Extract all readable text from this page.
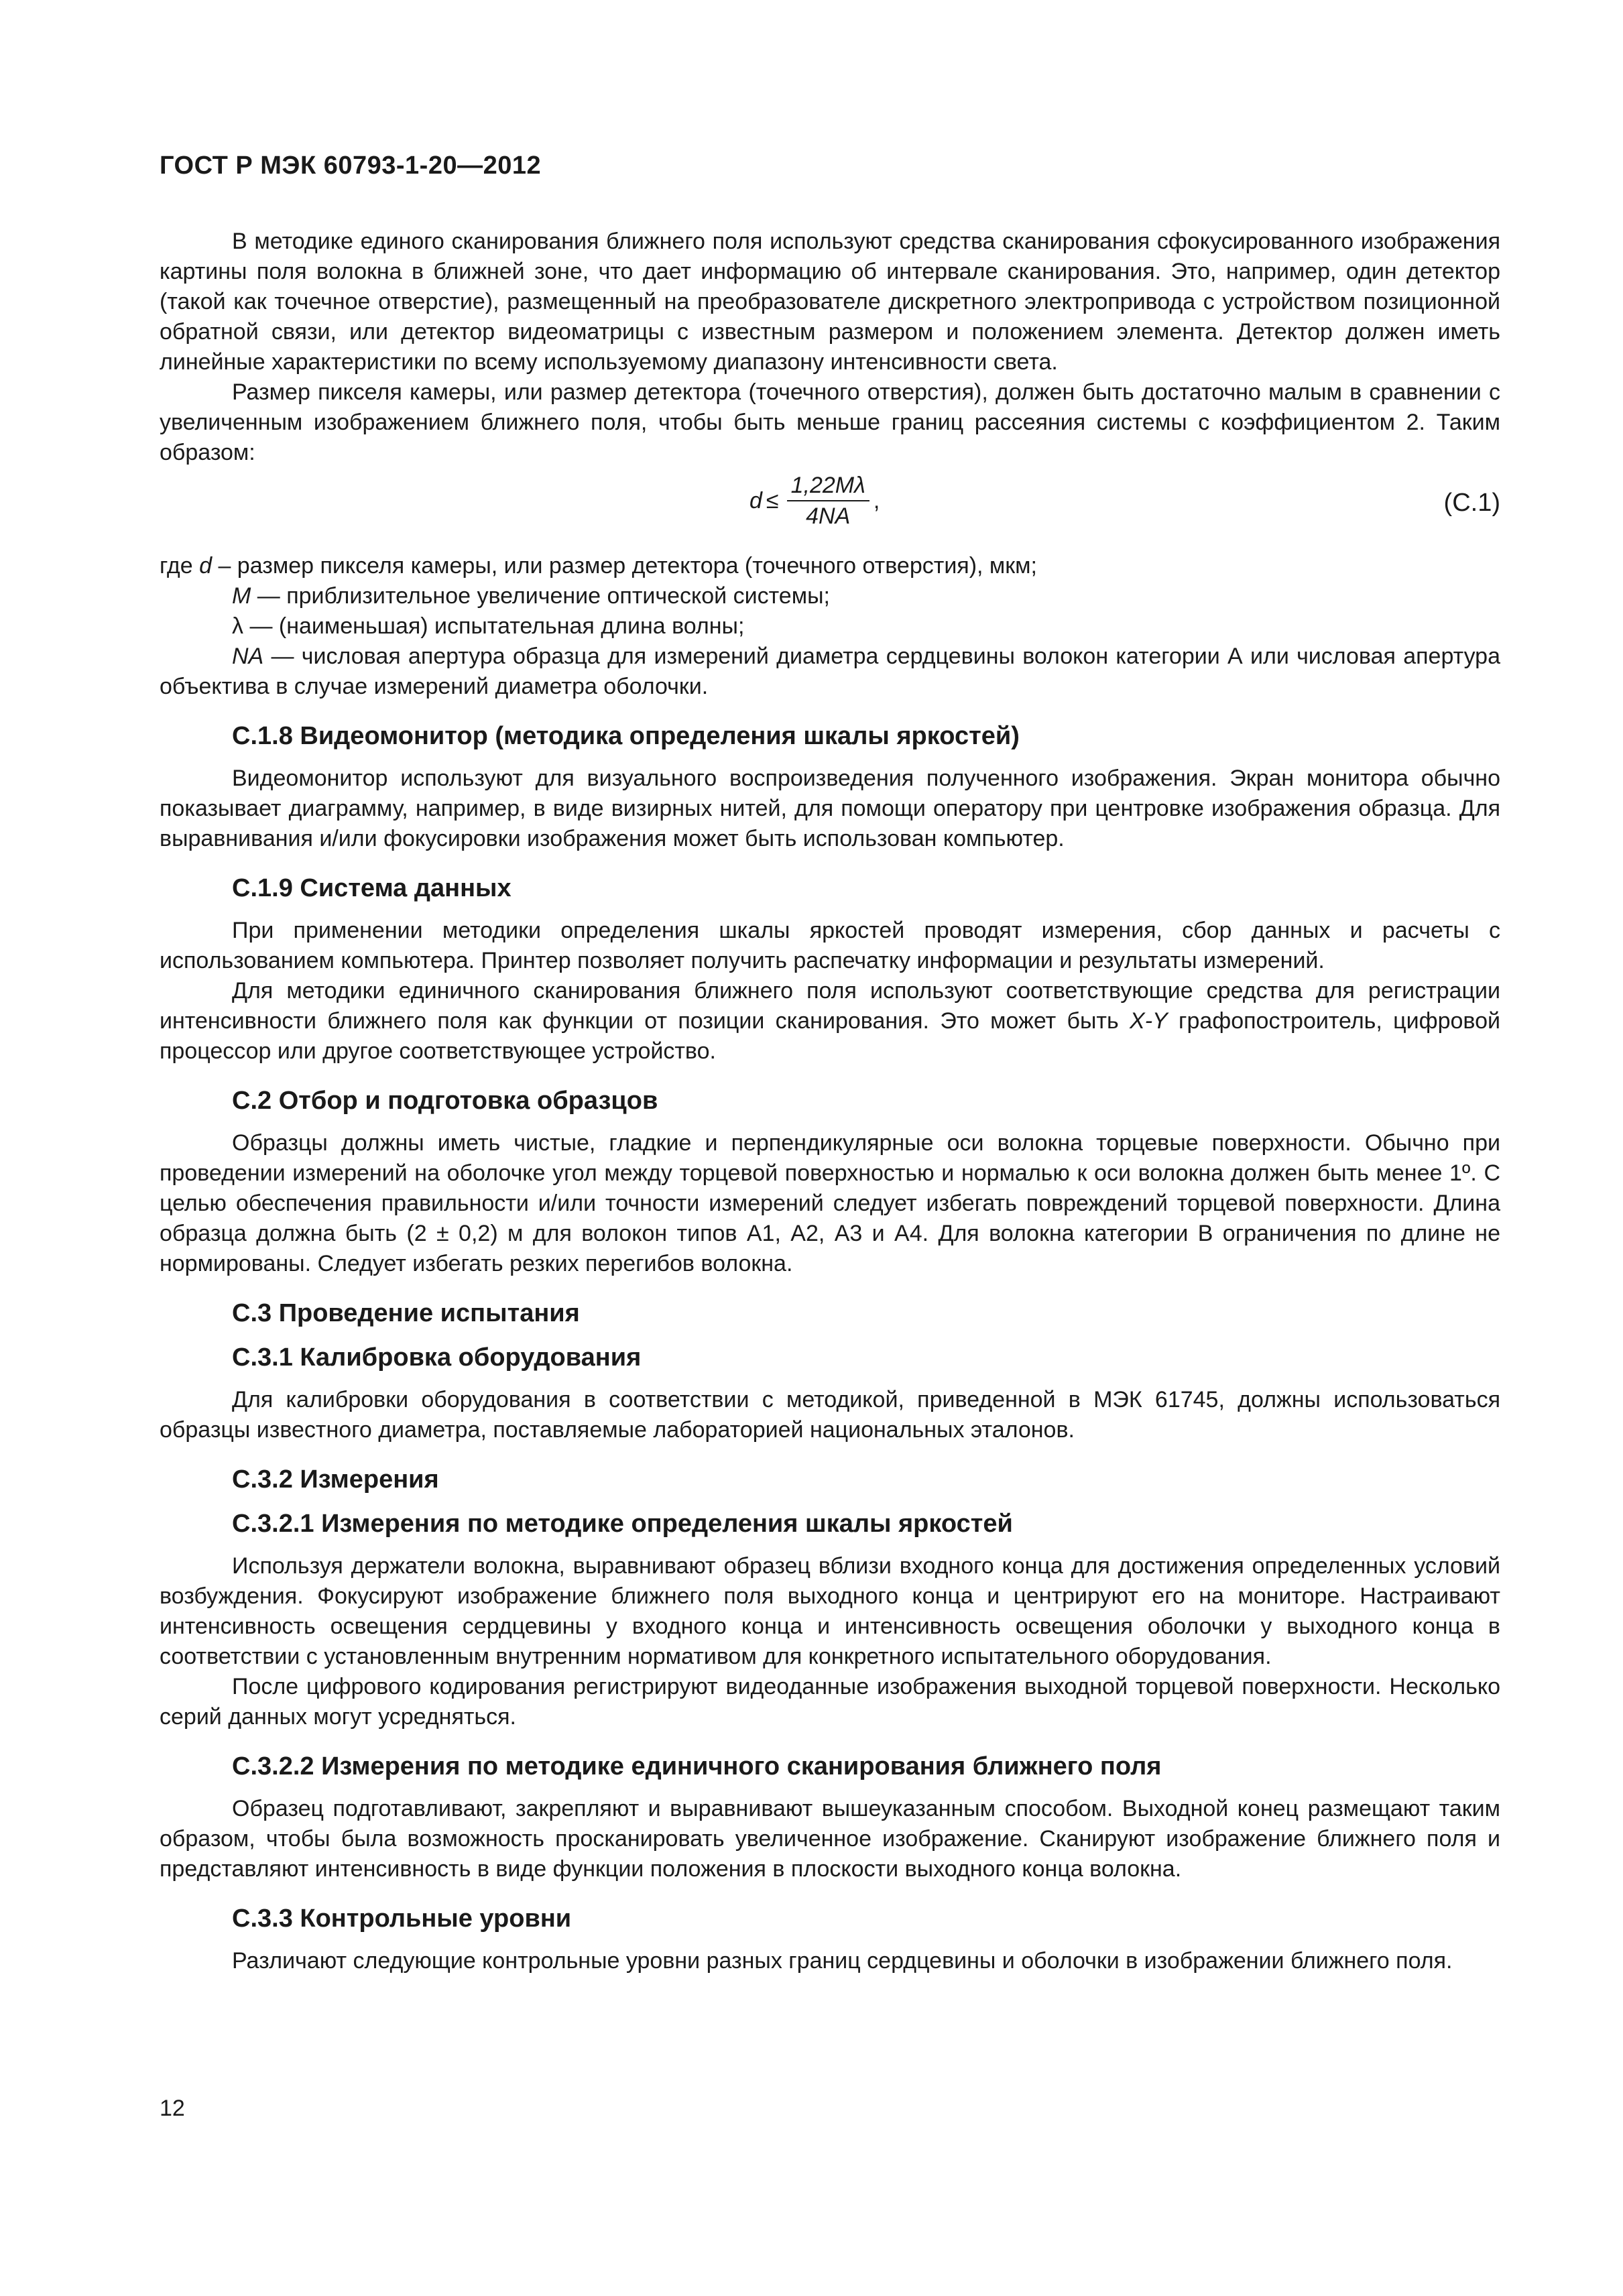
ГОСТ Р МЭК 60793-1-20—2012

В методике единого сканирования ближнего поля используют средства сканирования сфокусированного изображения картины поля волокна в ближней зоне, что дает информацию об интервале сканирования. Это, например, один детектор (такой как точечное отверстие), размещенный на преобразователе дискретного электропривода с устройством позиционной обратной связи, или детектор видеоматрицы с известным размером и положением элемента. Детектор должен иметь линейные характеристики по всему используемому диапазону интенсивности света.

Размер пикселя камеры, или размер детектора (точечного отверстия), должен быть достаточно малым в сравнении с увеличенным изображением ближнего поля, чтобы быть меньше границ рассеяния системы с коэффициентом 2. Таким образом:

$d \le \frac{1,22M\lambda}{4NA}$ ,	(С.1)

где d – размер пикселя камеры, или размер детектора (точечного отверстия), мкм;

М — приблизительное увеличение оптической системы;

λ — (наименьшая) испытательная длина волны;

NA — числовая апертура образца для измерений диаметра сердцевины волокон категории А или числовая апертура объектива в случае измерений диаметра оболочки.

С.1.8 Видеомонитор (методика определения шкалы яркостей)

Видеомонитор используют для визуального воспроизведения полученного изображения. Экран монитора обычно показывает диаграмму, например, в виде визирных нитей, для помощи оператору при центровке изображения образца. Для выравнивания и/или фокусировки изображения может быть использован компьютер.

С.1.9 Система данных

При применении методики определения шкалы яркостей проводят измерения, сбор данных и расчеты с использованием компьютера. Принтер позволяет получить распечатку информации и результаты измерений.

Для методики единичного сканирования ближнего поля используют соответствующие средства для регистрации интенсивности ближнего поля как функции от позиции сканирования. Это может быть X-Y графопостроитель, цифровой процессор или другое соответствующее устройство.

С.2 Отбор и подготовка образцов

Образцы должны иметь чистые, гладкие и перпендикулярные оси волокна торцевые поверхности. Обычно при проведении измерений на оболочке угол между торцевой поверхностью и нормалью к оси волокна должен быть менее 1º. С целью обеспечения правильности и/или точности измерений следует избегать повреждений торцевой поверхности. Длина образца должна быть (2 ± 0,2) м для волокон типов А1, А2, А3 и А4. Для волокна категории В ограничения по длине не нормированы. Следует избегать резких перегибов волокна.

С.3 Проведение испытания
С.3.1 Калибровка оборудования

Для калибровки оборудования в соответствии с методикой, приведенной в МЭК 61745, должны использоваться образцы известного диаметра, поставляемые лабораторией национальных эталонов.

С.3.2 Измерения
С.3.2.1 Измерения по методике определения шкалы яркостей

Используя держатели волокна, выравнивают образец вблизи входного конца для достижения определенных условий возбуждения. Фокусируют изображение ближнего поля выходного конца и центрируют его на мониторе. Настраивают интенсивность освещения сердцевины у входного конца и интенсивность освещения оболочки у выходного конца в соответствии с установленным внутренним нормативом для конкретного испытательного оборудования.

После цифрового кодирования регистрируют видеоданные изображения выходной торцевой поверхности. Несколько серий данных могут усредняться.

С.3.2.2 Измерения по методике единичного сканирования ближнего поля

Образец подготавливают, закрепляют и выравнивают вышеуказанным способом. Выходной конец размещают таким образом, чтобы была возможность просканировать увеличенное изображение. Сканируют изображение ближнего поля и представляют интенсивность в виде функции положения в плоскости выходного конца волокна.

С.3.3 Контрольные уровни

Различают следующие контрольные уровни разных границ сердцевины и оболочки в изображении ближнего поля.

12
